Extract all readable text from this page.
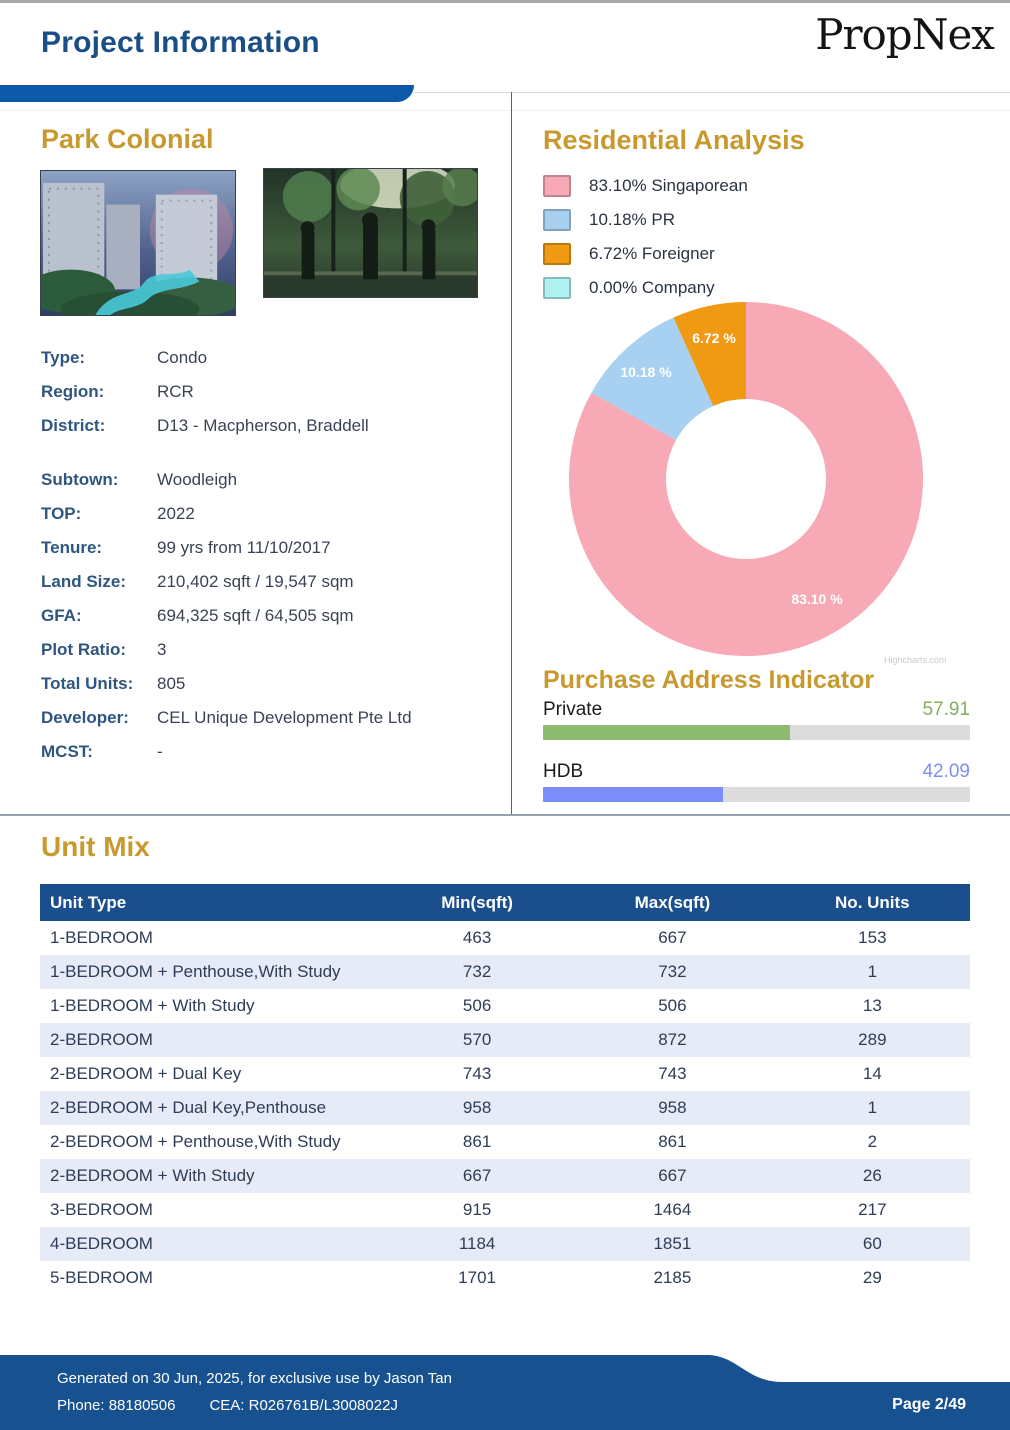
Project Information	PropNex
Park Colonial
Type:	Condo
Region:	RCR
District:	D13 - Macpherson, Braddell
Subtown:	Woodleigh
TOP:	2022
Tenure:	99 yrs from 11/10/2017
Land Size:	210,402 sqft / 19,547 sqm
GFA:	694,325 sqft / 64,505 sqm
Plot Ratio:	3
Total Units:	805
Developer:	CEL Unique Development Pte Ltd
MCST:	-
Residential Analysis
83.10% Singaporean
10.18% PR
6.72% Foreigner
0.00% Company
6.72 %
10.18 %
83.10 %
Highcharts.com
Purchase Address Indicator
Private	57.91
HDB	42.09
Unit Mix
Unit Type	Min(sqft)	Max(sqft)	No. Units
1-BEDROOM	463	667	153
1-BEDROOM + Penthouse,With Study	732	732	1
1-BEDROOM + With Study	506	506	13
2-BEDROOM	570	872	289
2-BEDROOM + Dual Key	743	743	14
2-BEDROOM + Dual Key,Penthouse	958	958	1
2-BEDROOM + Penthouse,With Study	861	861	2
2-BEDROOM + With Study	667	667	26
3-BEDROOM	915	1464	217
4-BEDROOM	1184	1851	60
5-BEDROOM	1701	2185	29
Generated on 30 Jun, 2025, for exclusive use by Jason Tan
Phone: 88180506 CEA: R026761B/L3008022J	Page 2/49
